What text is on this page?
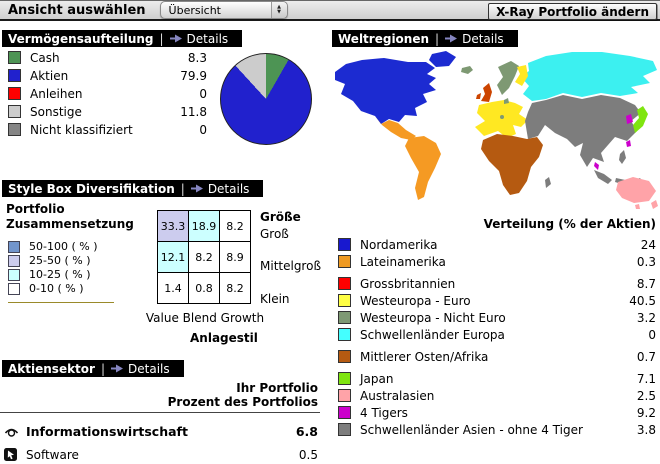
Ansicht auswählen	Übersicht	▲
▼	X-Ray Portfolio ändern
Vermögensaufteilung | Details
Cash	8.3
Aktien	79.9
Anleihen	0
Sonstige	11.8
Nicht klassifiziert	0
Style Box Diversifikation | Details
Portfolio Zusammensetzung
50-100 ( % )
25-50 ( % )
10-25 ( % )
0-10 ( % )
33.3 18.9 8.2
12.1 8.2	8.9
1.4	0.8	8.2
Größe
Groß
Mittelgroß
Klein
Value Blend Growth
Anlagestil
Aktiensektor | Details
Ihr Portfolio
Prozent des Portfolios
Informationswirtschaft	6.8
Software	0.5
Weltregionen | Details
Verteilung (% der Aktien)
Nordamerika	24
Lateinamerika	0.3
Grossbritannien	8.7
Westeuropa - Euro	40.5
Westeuropa - Nicht Euro	3.2
Schwellenländer Europa	0
Mittlerer Osten/Afrika	0.7
Japan	7.1
Australasien	2.5
4 Tigers	9.2
Schwellenländer Asien - ohne 4 Tiger	3.8
